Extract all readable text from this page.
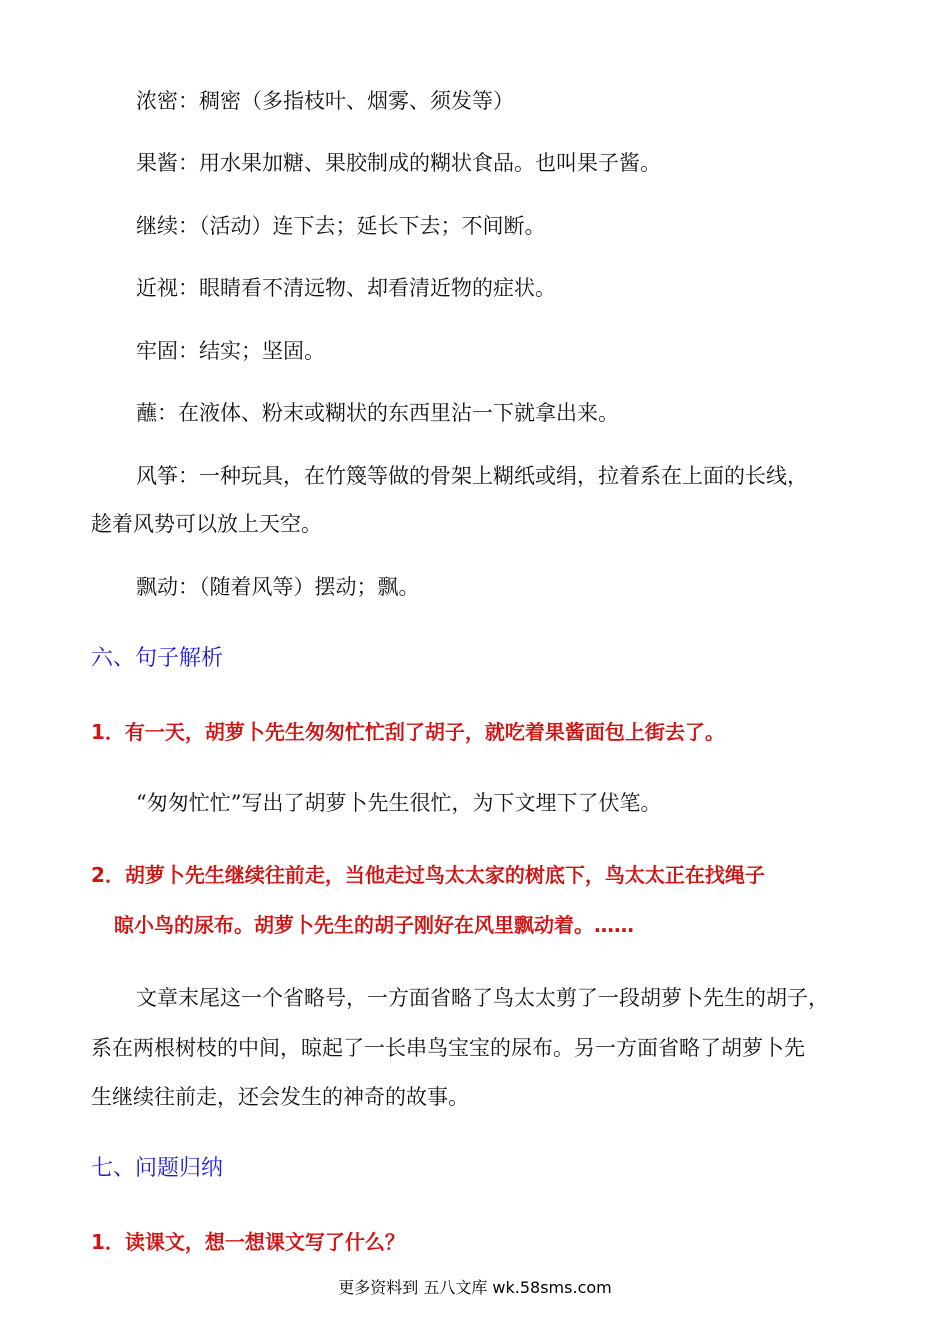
浓密：稠密（多指枝叶、烟雾、须发等）
果酱：用水果加糖、果胶制成的糊状食品。也叫果子酱。
继续：（活动）连下去；延长下去；不间断。
近视：眼睛看不清远物、却看清近物的症状。
牢固：结实；坚固。
蘸：在液体、粉末或糊状的东西里沾一下就拿出来。
风筝：一种玩具，在竹篾等做的骨架上糊纸或绢，拉着系在上面的长线，
趁着风势可以放上天空。
飘动：（随着风等）摆动；飘。
六、句子解析
1．有一天，胡萝卜先生匆匆忙忙刮了胡子，就吃着果酱面包上街去了。
“匆匆忙忙”写出了胡萝卜先生很忙，为下文埋下了伏笔。
2．胡萝卜先生继续往前走，当他走过鸟太太家的树底下，鸟太太正在找绳子
晾小鸟的尿布。胡萝卜先生的胡子刚好在风里飘动着。……
文章末尾这一个省略号，一方面省略了鸟太太剪了一段胡萝卜先生的胡子，
系在两根树枝的中间，晾起了一长串鸟宝宝的尿布。另一方面省略了胡萝卜先
生继续往前走，还会发生的神奇的故事。
七、问题归纳
1．读课文，想一想课文写了什么？
更多资料到 五八文库 wk.58sms.com
